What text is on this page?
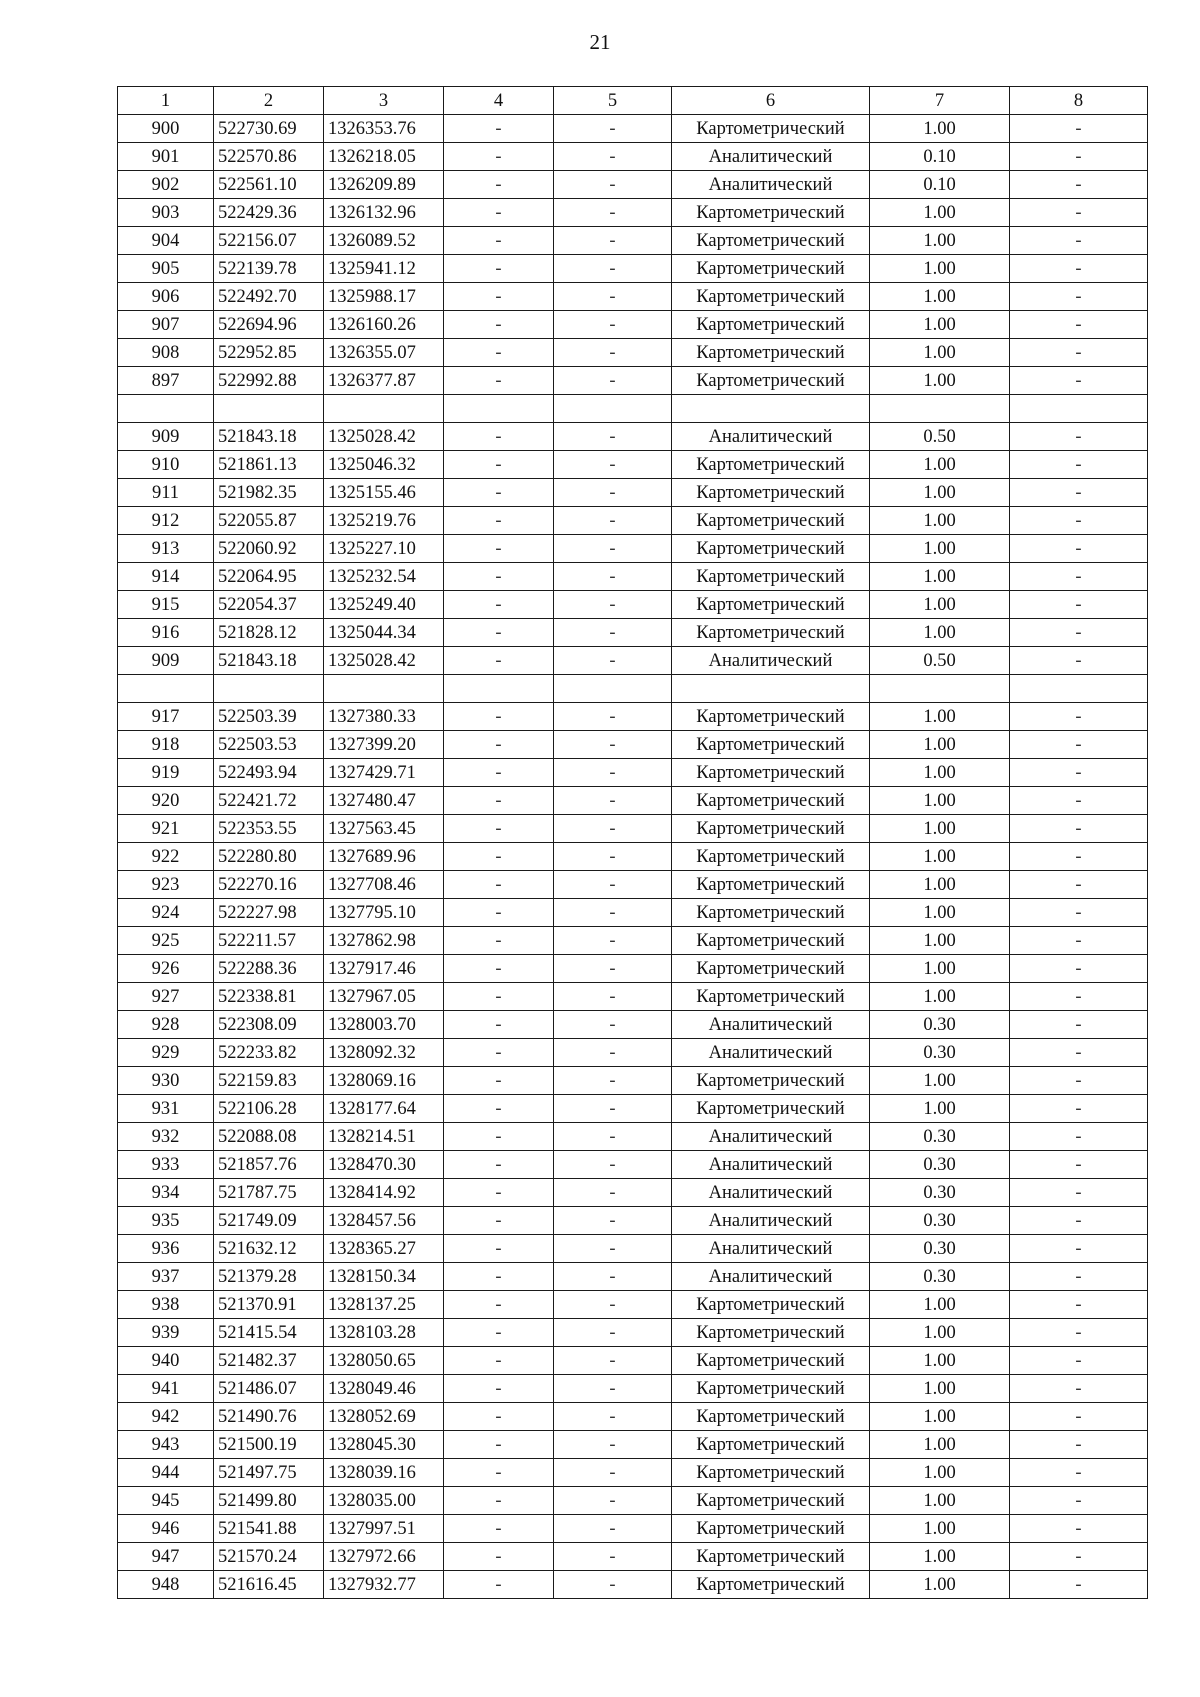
21
1	2	3	4	5	6	7	8
900	522730.69	1326353.76	-	-	Картометрический	1.00	-
901	522570.86	1326218.05	-	-	Аналитический	0.10	-
902	522561.10	1326209.89	-	-	Аналитический	0.10	-
903	522429.36	1326132.96	-	-	Картометрический	1.00	-
904	522156.07	1326089.52	-	-	Картометрический	1.00	-
905	522139.78	1325941.12	-	-	Картометрический	1.00	-
906	522492.70	1325988.17	-	-	Картометрический	1.00	-
907	522694.96	1326160.26	-	-	Картометрический	1.00	-
908	522952.85	1326355.07	-	-	Картометрический	1.00	-
897	522992.88	1326377.87	-	-	Картометрический	1.00	-

909	521843.18	1325028.42	-	-	Аналитический	0.50	-
910	521861.13	1325046.32	-	-	Картометрический	1.00	-
911	521982.35	1325155.46	-	-	Картометрический	1.00	-
912	522055.87	1325219.76	-	-	Картометрический	1.00	-
913	522060.92	1325227.10	-	-	Картометрический	1.00	-
914	522064.95	1325232.54	-	-	Картометрический	1.00	-
915	522054.37	1325249.40	-	-	Картометрический	1.00	-
916	521828.12	1325044.34	-	-	Картометрический	1.00	-
909	521843.18	1325028.42	-	-	Аналитический	0.50	-

917	522503.39	1327380.33	-	-	Картометрический	1.00	-
918	522503.53	1327399.20	-	-	Картометрический	1.00	-
919	522493.94	1327429.71	-	-	Картометрический	1.00	-
920	522421.72	1327480.47	-	-	Картометрический	1.00	-
921	522353.55	1327563.45	-	-	Картометрический	1.00	-
922	522280.80	1327689.96	-	-	Картометрический	1.00	-
923	522270.16	1327708.46	-	-	Картометрический	1.00	-
924	522227.98	1327795.10	-	-	Картометрический	1.00	-
925	522211.57	1327862.98	-	-	Картометрический	1.00	-
926	522288.36	1327917.46	-	-	Картометрический	1.00	-
927	522338.81	1327967.05	-	-	Картометрический	1.00	-
928	522308.09	1328003.70	-	-	Аналитический	0.30	-
929	522233.82	1328092.32	-	-	Аналитический	0.30	-
930	522159.83	1328069.16	-	-	Картометрический	1.00	-
931	522106.28	1328177.64	-	-	Картометрический	1.00	-
932	522088.08	1328214.51	-	-	Аналитический	0.30	-
933	521857.76	1328470.30	-	-	Аналитический	0.30	-
934	521787.75	1328414.92	-	-	Аналитический	0.30	-
935	521749.09	1328457.56	-	-	Аналитический	0.30	-
936	521632.12	1328365.27	-	-	Аналитический	0.30	-
937	521379.28	1328150.34	-	-	Аналитический	0.30	-
938	521370.91	1328137.25	-	-	Картометрический	1.00	-
939	521415.54	1328103.28	-	-	Картометрический	1.00	-
940	521482.37	1328050.65	-	-	Картометрический	1.00	-
941	521486.07	1328049.46	-	-	Картометрический	1.00	-
942	521490.76	1328052.69	-	-	Картометрический	1.00	-
943	521500.19	1328045.30	-	-	Картометрический	1.00	-
944	521497.75	1328039.16	-	-	Картометрический	1.00	-
945	521499.80	1328035.00	-	-	Картометрический	1.00	-
946	521541.88	1327997.51	-	-	Картометрический	1.00	-
947	521570.24	1327972.66	-	-	Картометрический	1.00	-
948	521616.45	1327932.77	-	-	Картометрический	1.00	-
